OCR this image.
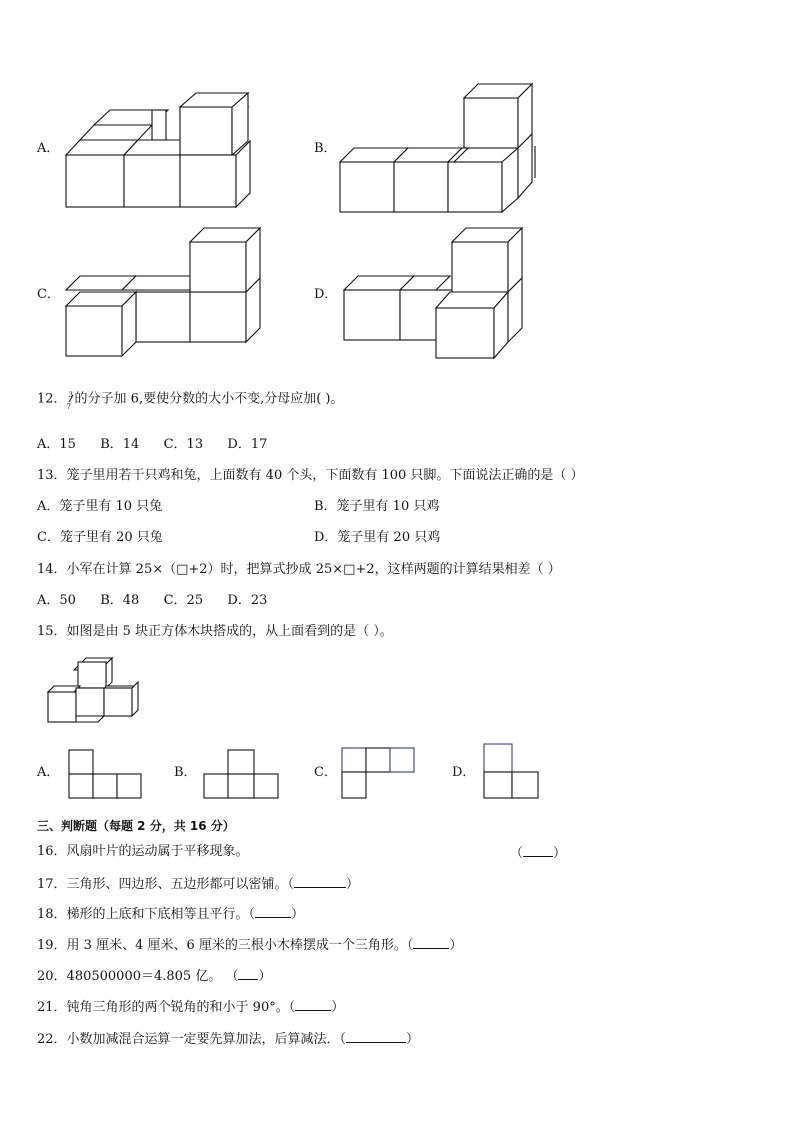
A．	B．
C．	D．
12． 3
7
的分子加 6,要使分数的大小不变,分母应加( )。
A．15 B．14 C．13 D．17
13．笼子里用若干只鸡和兔，上面数有 40 个头，下面数有 100 只脚。下面说法正确的是（ ）
A．笼子里有 10 只兔	B．笼子里有 10 只鸡
C．笼子里有 20 只兔	D．笼子里有 20 只鸡
14．小军在计算 25×（□+2）时，把算式抄成 25×□+2，这样两题的计算结果相差（ ）
A．50 B．48 C．25 D．23
15．如图是由 5 块正方体木块搭成的，从上面看到的是（ ）。
A．	B．	C．	D．
三、判断题（每题 2 分，共 16 分）
16．风扇叶片的运动属于平移现象。	（ ）
17．三角形、四边形、五边形都可以密铺。（	）
18．梯形的上底和下底相等且平行。（	）
19．用 3 厘米、4 厘米、6 厘米的三根小木棒摆成一个三角形。（	）
20．480500000＝4.805 亿。 （ ）
21．钝角三角形的两个锐角的和小于 90°。（	）
22．小数加减混合运算一定要先算加法，后算减法．（	）
